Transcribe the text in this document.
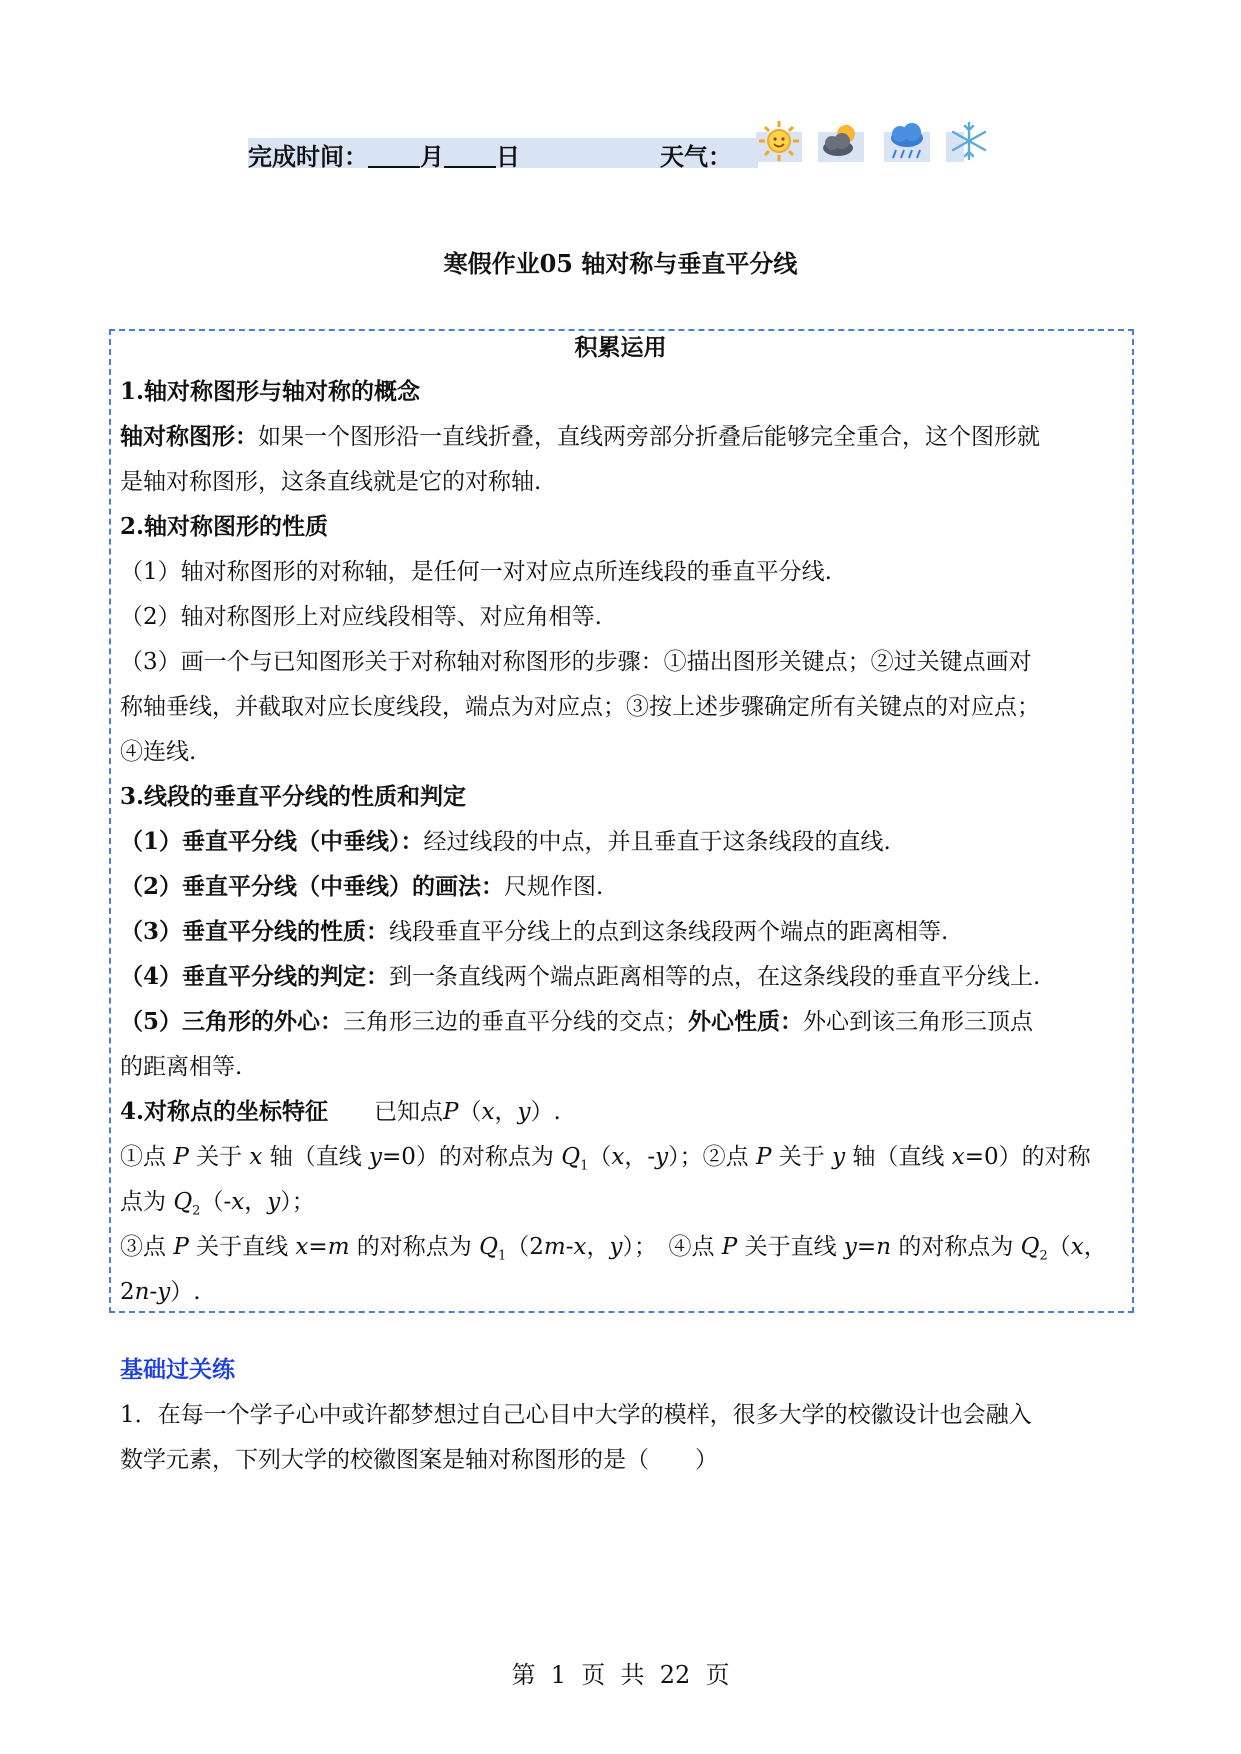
完成时间： 月 日	天气：
寒假作业05 轴对称与垂直平分线
积累运用
1.轴对称图形与轴对称的概念
轴对称图形：如果一个图形沿一直线折叠，直线两旁部分折叠后能够完全重合，这个图形就
是轴对称图形，这条直线就是它的对称轴.
2.轴对称图形的性质
（1）轴对称图形的对称轴，是任何一对对应点所连线段的垂直平分线.
（2）轴对称图形上对应线段相等、对应角相等.
（3）画一个与已知图形关于对称轴对称图形的步骤：①描出图形关键点；②过关键点画对
称轴垂线，并截取对应长度线段，端点为对应点；③按上述步骤确定所有关键点的对应点；
④连线.
3.线段的垂直平分线的性质和判定
（1）垂直平分线（中垂线）：经过线段的中点，并且垂直于这条线段的直线.
（2）垂直平分线（中垂线）的画法：尺规作图.
（3）垂直平分线的性质：线段垂直平分线上的点到这条线段两个端点的距离相等.
（4）垂直平分线的判定：到一条直线两个端点距离相等的点，在这条线段的垂直平分线上.
（5）三角形的外心：三角形三边的垂直平分线的交点；外心性质：外心到该三角形三顶点
的距离相等.
4.对称点的坐标特征　　 已知点P（x，y）.
①点 P 关于 x 轴（直线 y=0）的对称点为 $Q_1(x$，-y）；②点 P 关于 y 轴（直线 x=0）的对称
点为 $Q_2(-x$，y）；
③点 P 关于直线 x=m 的对称点为 $Q_1(2m-x$，y）；　④点 P 关于直线 y=n 的对称点为 $Q_2(x$，
2n-y）.
基础过关练
1．在每一个学子心中或许都梦想过自己心目中大学的模样，很多大学的校徽设计也会融入
数学元素，下列大学的校徽图案是轴对称图形的是（　　）
第  1  页  共  22  页
